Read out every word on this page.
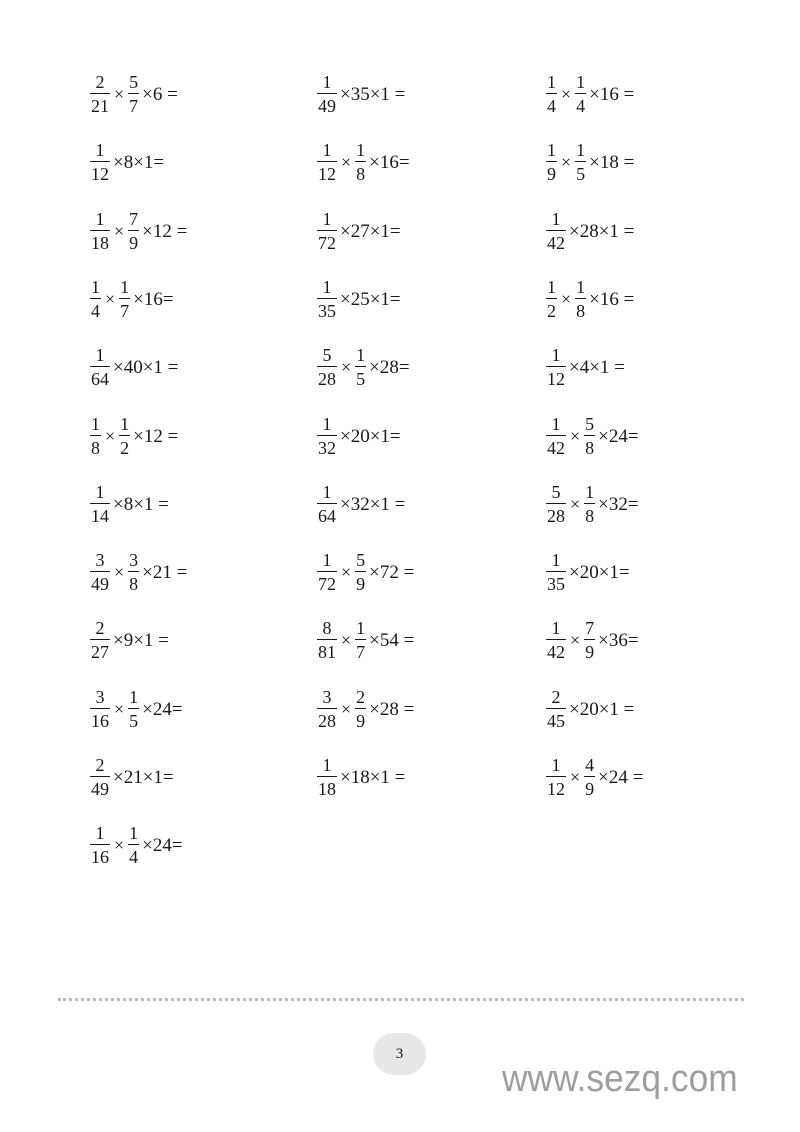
$\frac{2}{21} \times \frac{5}{7} \times 6$ =	$\frac{1}{49} \times 35\times 1$ =	$\frac{1}{4} \times \frac{1}{4} \times 16$ =
$\frac{1}{12} \times 8\times 1=$	$\frac{1}{12} \times \frac{1}{8} \times 16=$	$\frac{1}{9} \times \frac{1}{5} \times 18$ =
$\frac{1}{18} \times \frac{7}{9} \times 12$ =	$\frac{1}{72} \times 27\times 1=$	$\frac{1}{42} \times 28\times 1$ =
$\frac{1}{4} \times \frac{1}{7} \times 16=$	$\frac{1}{35} \times 25\times 1=$	$\frac{1}{2} \times \frac{1}{8} \times 16$ =
$\frac{1}{64} \times 40\times 1$ =	$\frac{5}{28} \times \frac{1}{5} \times 28=$	$\frac{1}{12} \times 4\times 1$ =
$\frac{1}{8} \times \frac{1}{2} \times 12$ =	$\frac{1}{32} \times 20\times 1=$	$\frac{1}{42} \times \frac{5}{8} \times 24=$
$\frac{1}{14} \times 8\times 1$ =	$\frac{1}{64} \times 32\times 1$ =	$\frac{5}{28} \times \frac{1}{8} \times 32=$
$\frac{3}{49} \times \frac{3}{8} \times 21$ =	$\frac{1}{72} \times \frac{5}{9} \times 72$ =	$\frac{1}{35} \times 20\times 1=$
$\frac{2}{27} \times 9\times 1$ =	$\frac{8}{81} \times \frac{1}{7} \times 54$ =	$\frac{1}{42} \times \frac{7}{9} \times 36=$
$\frac{3}{16} \times \frac{1}{5} \times 24=$	$\frac{3}{28} \times \frac{2}{9} \times 28$ =	$\frac{2}{45} \times 20\times 1$ =
$\frac{2}{49} \times 21\times 1=$	$\frac{1}{18} \times 18\times 1$ =	$\frac{1}{12} \times \frac{4}{9} \times 24$ =
$\frac{1}{16} \times \frac{1}{4} \times 24=$
3
www.sezq.com
